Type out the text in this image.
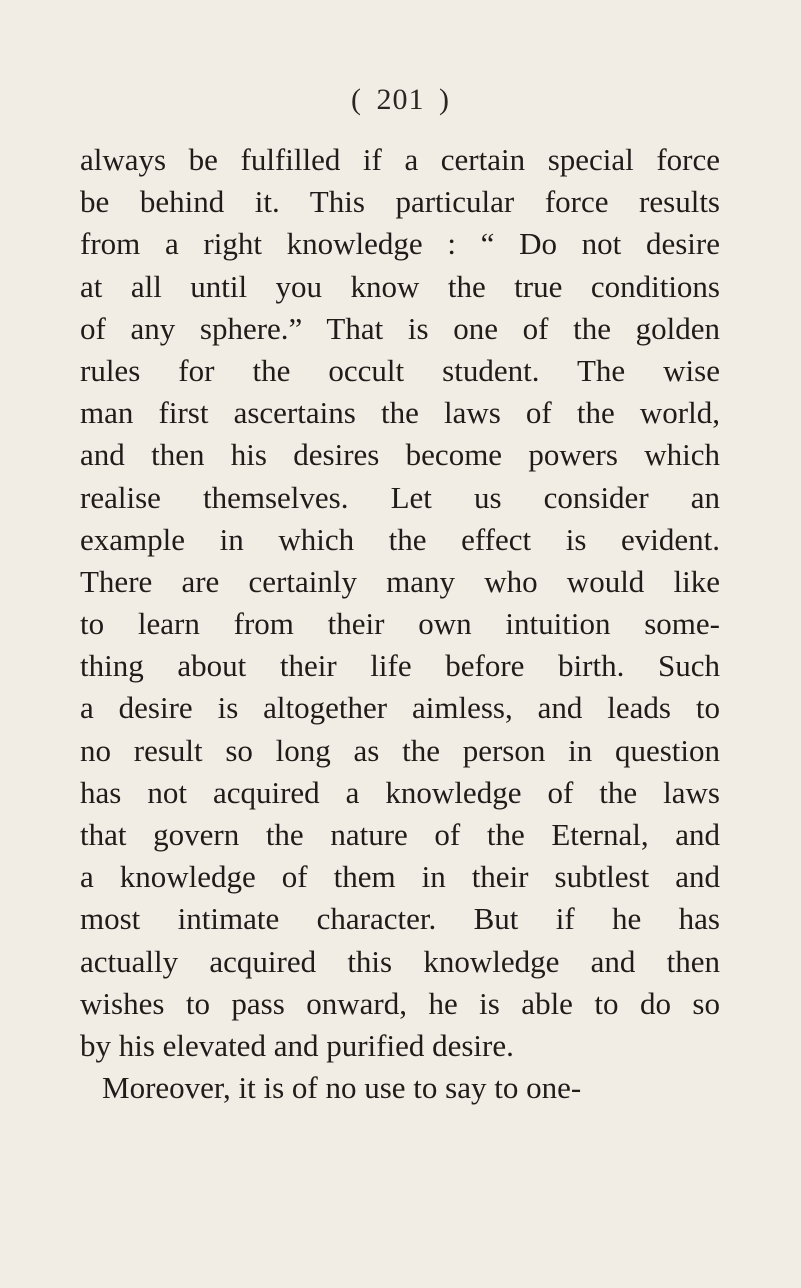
( 201 )
always be fulfilled if a certain special force
be behind it. This particular force results
from a right knowledge : “ Do not desire
at all until you know the true conditions
of any sphere.” That is one of the golden
rules for the occult student. The wise
man first ascertains the laws of the world,
and then his desires become powers which
realise themselves. Let us consider an
example in which the effect is evident.
There are certainly many who would like
to learn from their own intuition some-
thing about their life before birth. Such
a desire is altogether aimless, and leads to
no result so long as the person in question
has not acquired a knowledge of the laws
that govern the nature of the Eternal, and
a knowledge of them in their subtlest and
most intimate character. But if he has
actually acquired this knowledge and then
wishes to pass onward, he is able to do so
by his elevated and purified desire.
Moreover, it is of no use to say to one-
